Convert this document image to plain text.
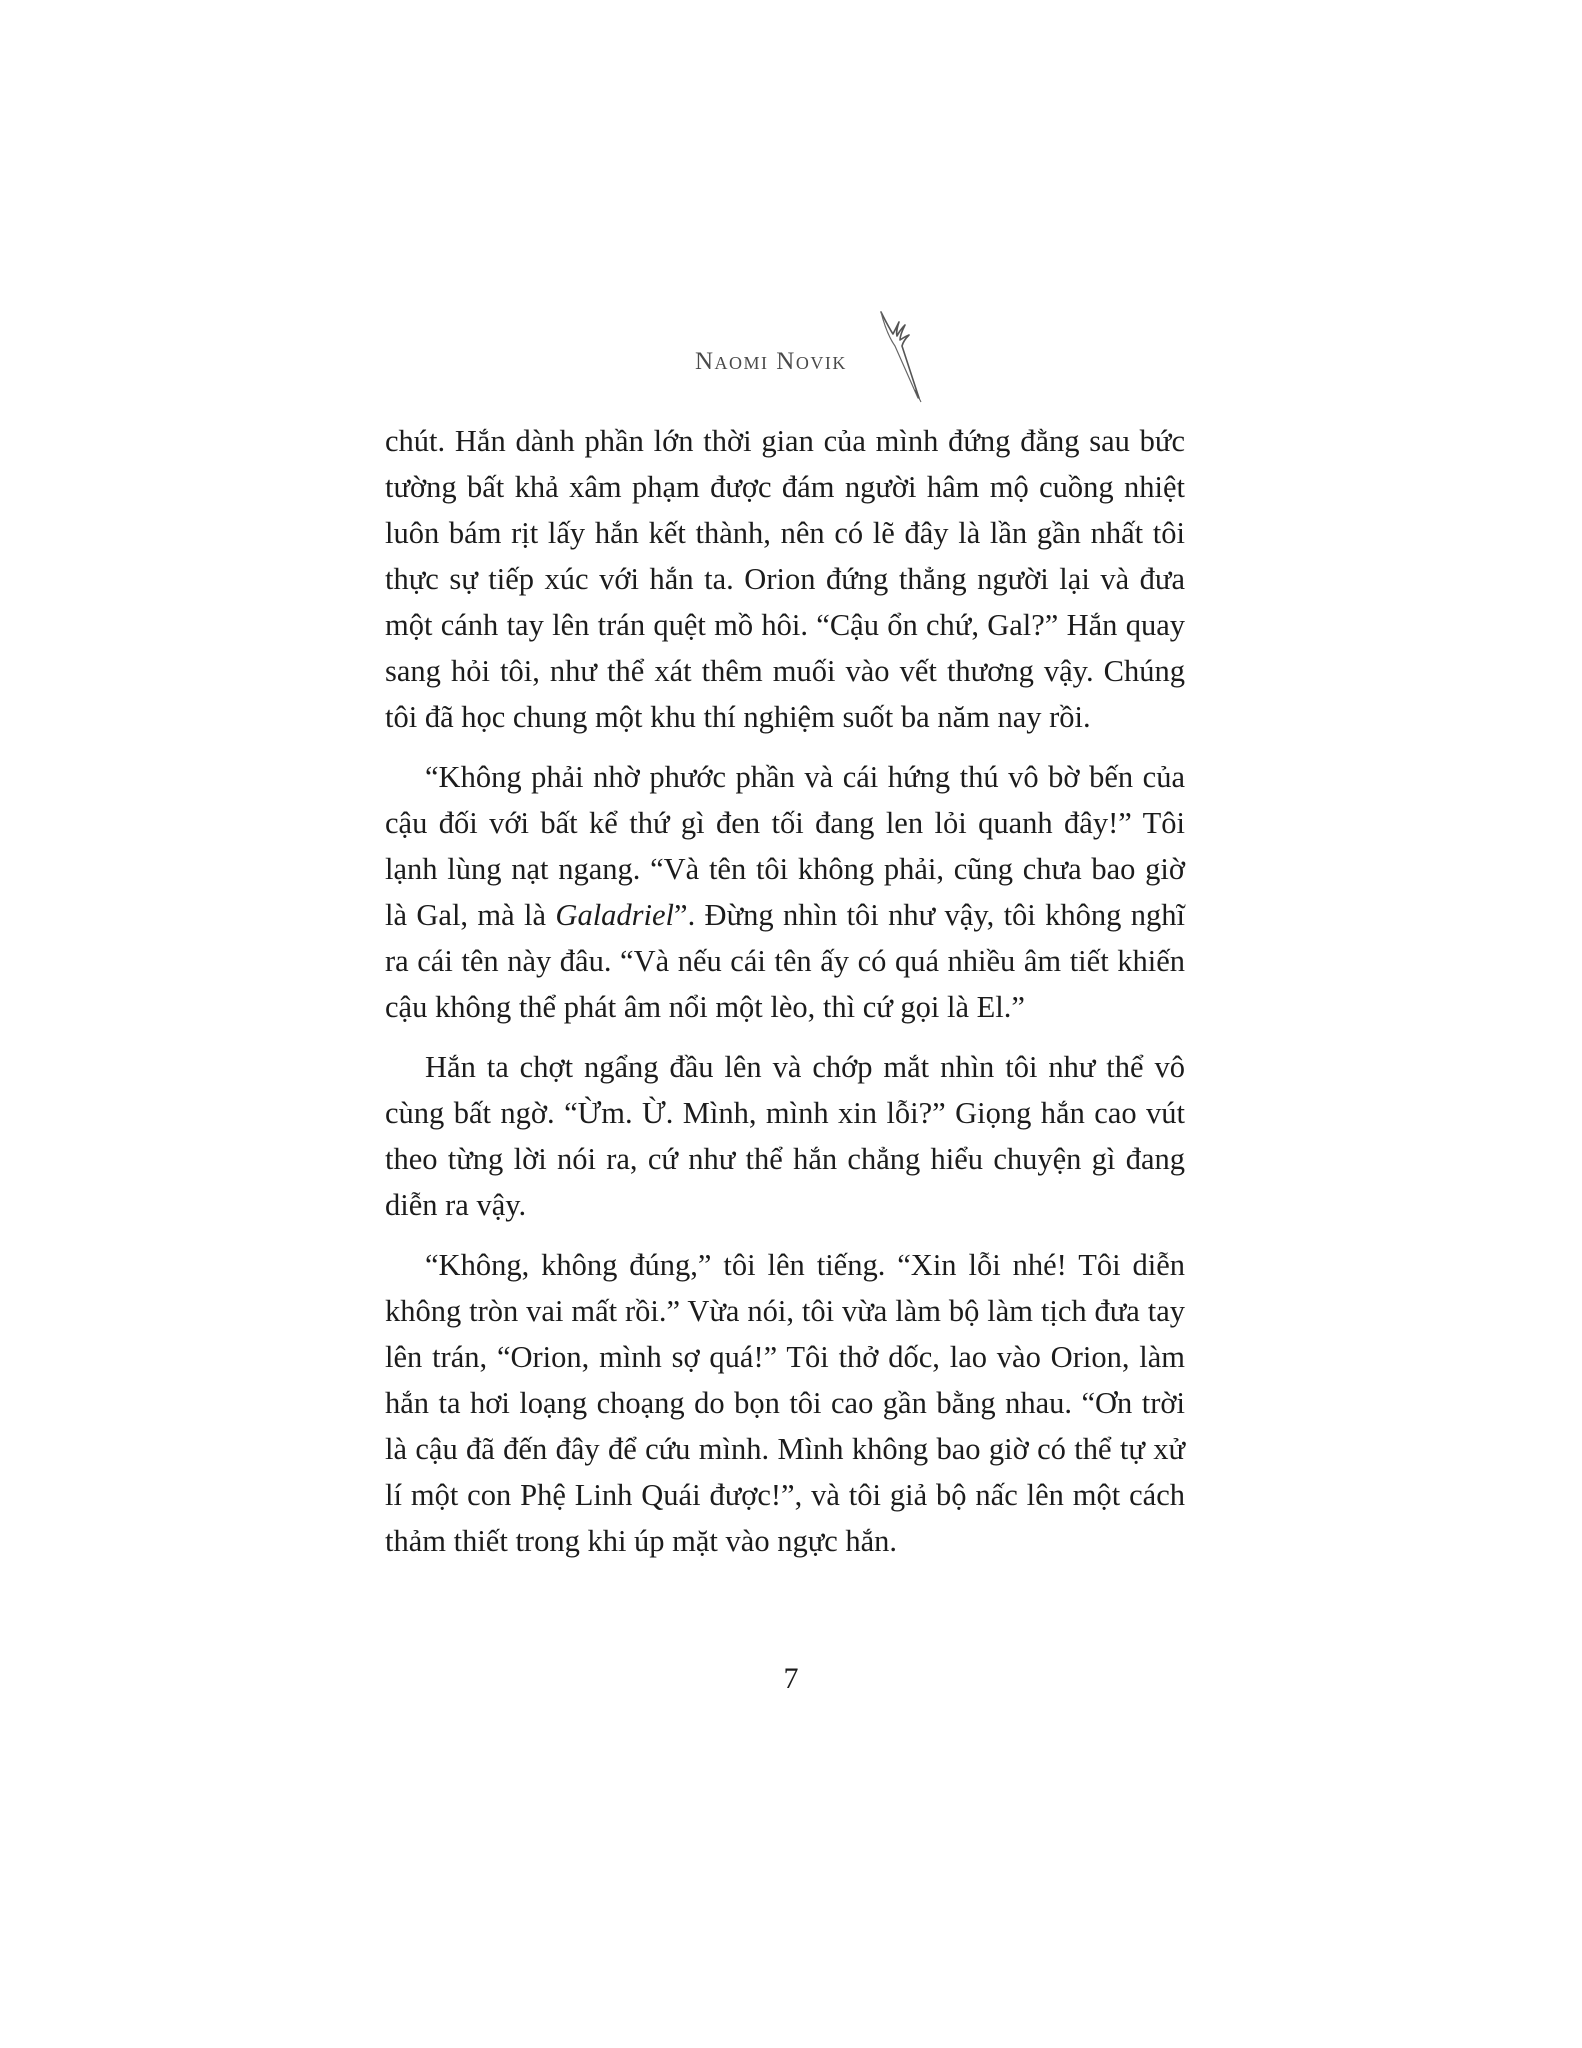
Naomi Novik

chút. Hắn dành phần lớn thời gian của mình đứng đằng sau bức tường bất khả xâm phạm được đám người hâm mộ cuồng nhiệt luôn bám rịt lấy hắn kết thành, nên có lẽ đây là lần gần nhất tôi thực sự tiếp xúc với hắn ta. Orion đứng thẳng người lại và đưa một cánh tay lên trán quệt mồ hôi. “Cậu ổn chứ, Gal?” Hắn quay sang hỏi tôi, như thể xát thêm muối vào vết thương vậy. Chúng tôi đã học chung một khu thí nghiệm suốt ba năm nay rồi.

“Không phải nhờ phước phần và cái hứng thú vô bờ bến của cậu đối với bất kể thứ gì đen tối đang len lỏi quanh đây!” Tôi lạnh lùng nạt ngang. “Và tên tôi không phải, cũng chưa bao giờ là Gal, mà là Galadriel”. Đừng nhìn tôi như vậy, tôi không nghĩ ra cái tên này đâu. “Và nếu cái tên ấy có quá nhiều âm tiết khiến cậu không thể phát âm nổi một lèo, thì cứ gọi là El.”

Hắn ta chợt ngẩng đầu lên và chớp mắt nhìn tôi như thể vô cùng bất ngờ. “Ừm. Ừ. Mình, mình xin lỗi?” Giọng hắn cao vút theo từng lời nói ra, cứ như thể hắn chẳng hiểu chuyện gì đang diễn ra vậy.

“Không, không đúng,” tôi lên tiếng. “Xin lỗi nhé! Tôi diễn không tròn vai mất rồi.” Vừa nói, tôi vừa làm bộ làm tịch đưa tay lên trán, “Orion, mình sợ quá!” Tôi thở dốc, lao vào Orion, làm hắn ta hơi loạng choạng do bọn tôi cao gần bằng nhau. “Ơn trời là cậu đã đến đây để cứu mình. Mình không bao giờ có thể tự xử lí một con Phệ Linh Quái được!”, và tôi giả bộ nấc lên một cách thảm thiết trong khi úp mặt vào ngực hắn.

7
